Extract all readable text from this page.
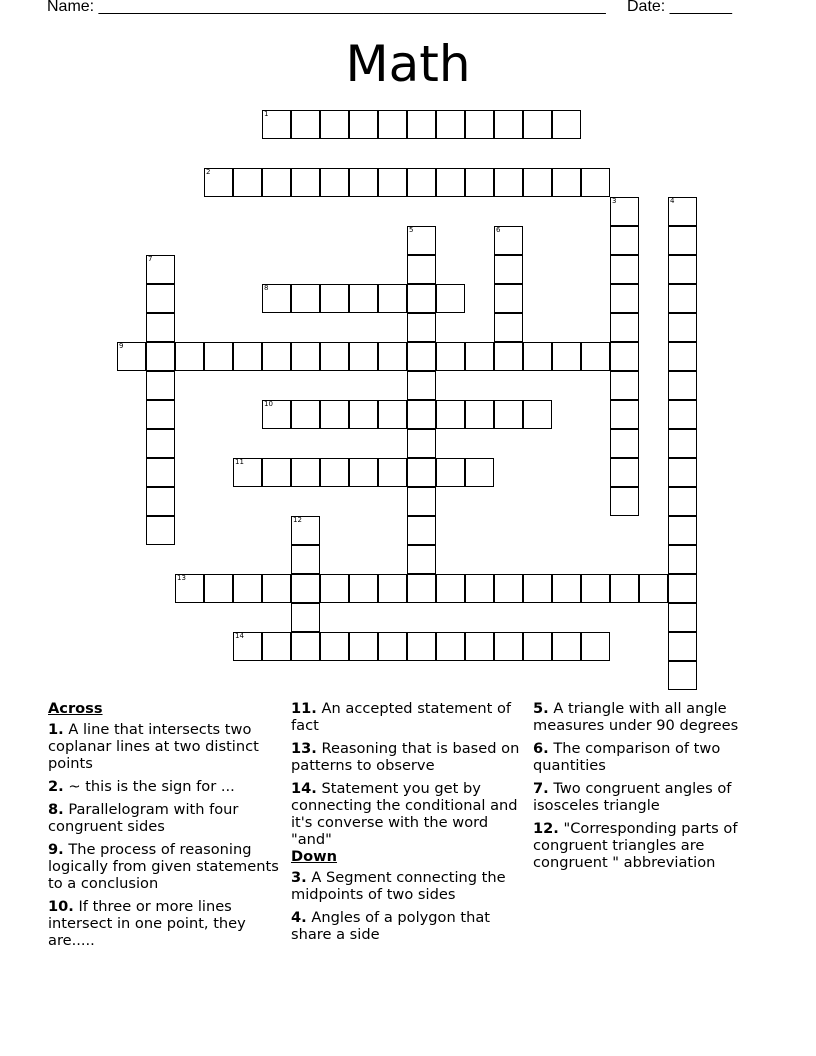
Name: _________________________________________________________ Date: _______
Math
1
2
3	4
5	6
7
8
9
10
11
12
13
14
Across
1. A line that intersects two coplanar lines at two distinct points
2. ~ this is the sign for ...
8. Parallelogram with four congruent sides
9. The process of reasoning logically from given statements to a conclusion
10. If three or more lines intersect in one point, they are.....
11. An accepted statement of fact
13. Reasoning that is based on patterns to observe
14. Statement you get by connecting the conditional and it's converse with the word "and"
Down
3. A Segment connecting the midpoints of two sides
4. Angles of a polygon that share a side
5. A triangle with all angle measures under 90 degrees
6. The comparison of two quantities
7. Two congruent angles of isosceles triangle
12. "Corresponding parts of congruent triangles are congruent " abbreviation
